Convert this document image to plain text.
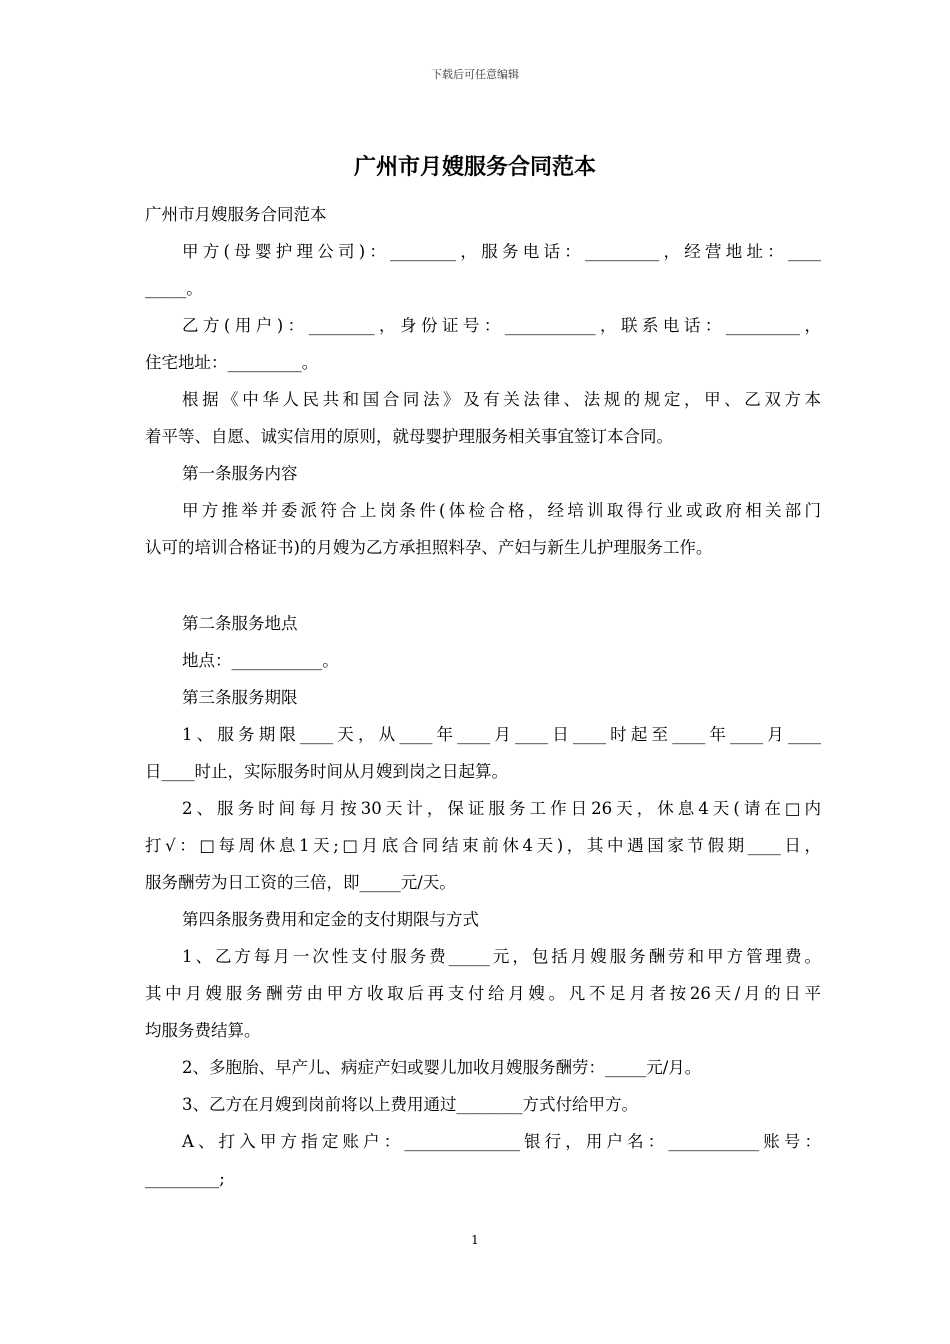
下载后可任意编辑
广州市月嫂服务合同范本
广州市月嫂服务合同范本
甲方(母婴护理公司)：________，服务电话：_________，经营地址：____
_____。
乙方(用户)：________，身份证号：___________，联系电话：_________，
住宅地址：_________。
根据《中华人民共和国合同法》及有关法律、法规的规定，甲、乙双方本
着平等、自愿、诚实信用的原则，就母婴护理服务相关事宜签订本合同。
第一条服务内容
甲方推举并委派符合上岗条件(体检合格，经培训取得行业或政府相关部门
认可的培训合格证书)的月嫂为乙方承担照料孕、产妇与新生儿护理服务工作。
第二条服务地点
地点：___________。
第三条服务期限
1、服务期限____天，从____年____月____日____时起至____年____月____
日____时止，实际服务时间从月嫂到岗之日起算。
2、服务时间每月按30天计，保证服务工作日26天，休息4天(请在□内
打√：□每周休息1天;□月底合同结束前休4天)，其中遇国家节假期____日，
服务酬劳为日工资的三倍，即_____元/天。
第四条服务费用和定金的支付期限与方式
1、乙方每月一次性支付服务费_____元，包括月嫂服务酬劳和甲方管理费。
其中月嫂服务酬劳由甲方收取后再支付给月嫂。凡不足月者按26天/月的日平
均服务费结算。
2、多胞胎、早产儿、病症产妇或婴儿加收月嫂服务酬劳：_____元/月。
3、乙方在月嫂到岗前将以上费用通过________方式付给甲方。
A、打入甲方指定账户：______________银行，用户名：___________账号：
_________;
1
